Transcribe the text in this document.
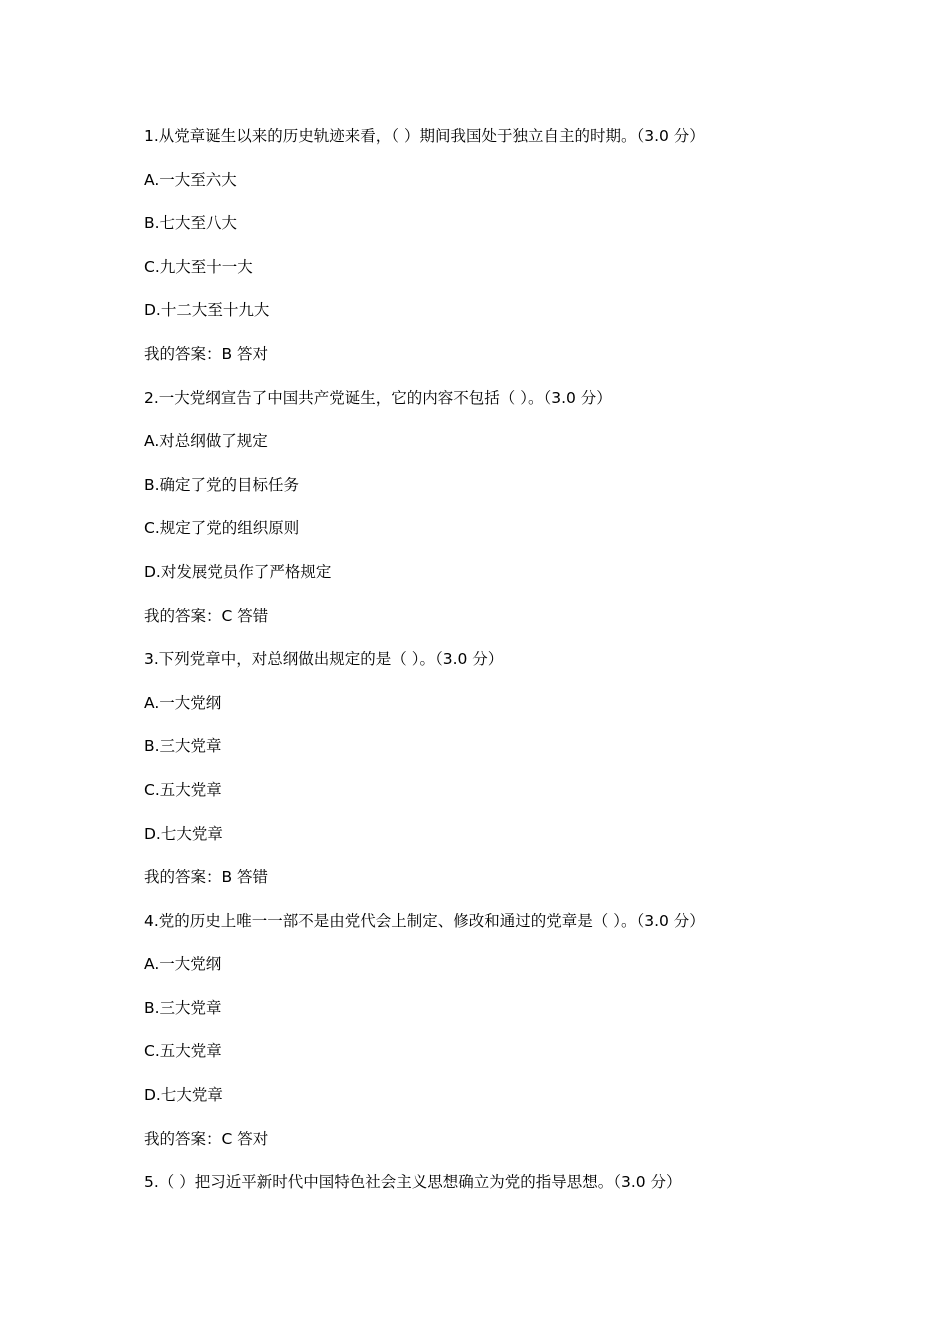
1.从党章诞生以来的历史轨迹来看，（ ）期间我国处于独立自主的时期。（3.0 分）
A.一大至六大
B.七大至八大
C.九大至十一大
D.十二大至十九大
我的答案：B 答对
2.一大党纲宣告了中国共产党诞生，它的内容不包括（ ）。（3.0 分）
A.对总纲做了规定
B.确定了党的目标任务
C.规定了党的组织原则
D.对发展党员作了严格规定
我的答案：C 答错
3.下列党章中，对总纲做出规定的是（ ）。（3.0 分）
A.一大党纲
B.三大党章
C.五大党章
D.七大党章
我的答案：B 答错
4.党的历史上唯一一部不是由党代会上制定、修改和通过的党章是（ ）。（3.0 分）
A.一大党纲
B.三大党章
C.五大党章
D.七大党章
我的答案：C 答对
5.（ ）把习近平新时代中国特色社会主义思想确立为党的指导思想。（3.0 分）
